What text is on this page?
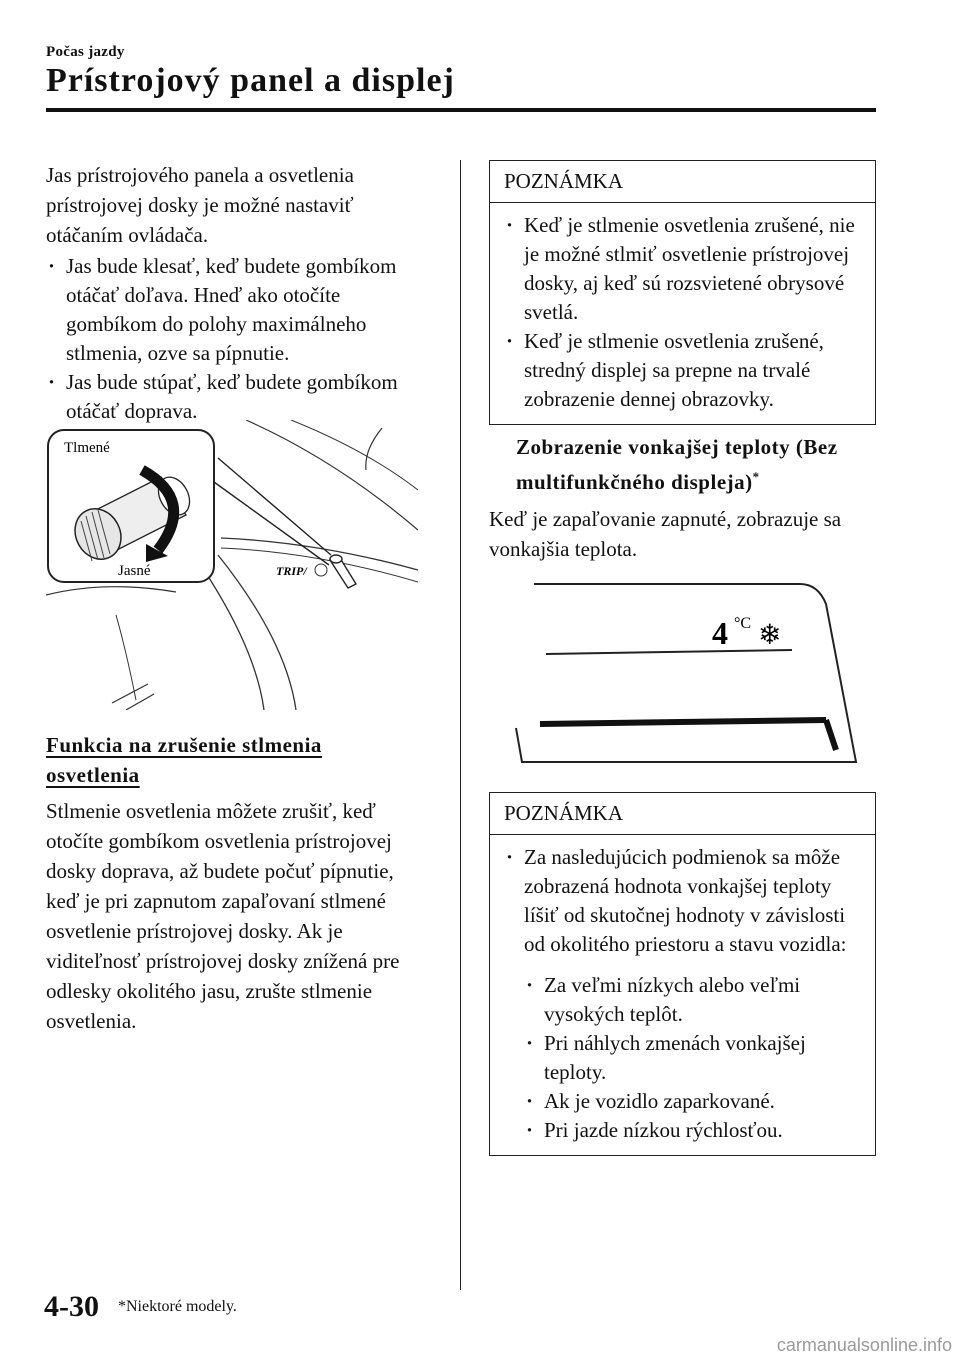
Počas jazdy
Prístrojový panel a displej

Jas prístrojového panela a osvetlenia prístrojovej dosky je možné nastaviť otáčaním ovládača.

· Jas bude klesať, keď budete gombíkom otáčať doľava. Hneď ako otočíte gombíkom do polohy maximálneho stlmenia, ozve sa pípnutie.
· Jas bude stúpať, keď budete gombíkom otáčať doprava.
TRIP/
Tlmené
Jasné
Funkcia na zrušenie stlmenia
osvetlenia

Stlmenie osvetlenia môžete zrušiť, keď otočíte gombíkom osvetlenia prístrojovej dosky doprava, až budete počuť pípnutie, keď je pri zapnutom zapaľovaní stlmené osvetlenie prístrojovej dosky. Ak je viditeľnosť prístrojovej dosky znížená pre odlesky okolitého jasu, zrušte stlmenie osvetlenia.

POZNÁMKA
· Keď je stlmenie osvetlenia zrušené, nie je možné stlmiť osvetlenie prístrojovej dosky, aj keď sú rozsvietené obrysové svetlá.
· Keď je stlmenie osvetlenia zrušené, stredný displej sa prepne na trvalé zobrazenie dennej obrazovky.
Zobrazenie vonkajšej teploty (Bez
multifunkčného displeja)*

Keď je zapaľovanie zapnuté, zobrazuje sa vonkajšia teplota.

4 °C ❄
POZNÁMKA
· Za nasledujúcich podmienok sa môže zobrazená hodnota vonkajšej teploty líšiť od skutočnej hodnoty v závislosti od okolitého priestoru a stavu vozidla:
· Za veľmi nízkych alebo veľmi vysokých teplôt.
· Pri náhlych zmenách vonkajšej teploty.
· Ak je vozidlo zaparkované.
· Pri jazde nízkou rýchlosťou.
4-30 *Niektoré modely.
carmanualsonline.info
